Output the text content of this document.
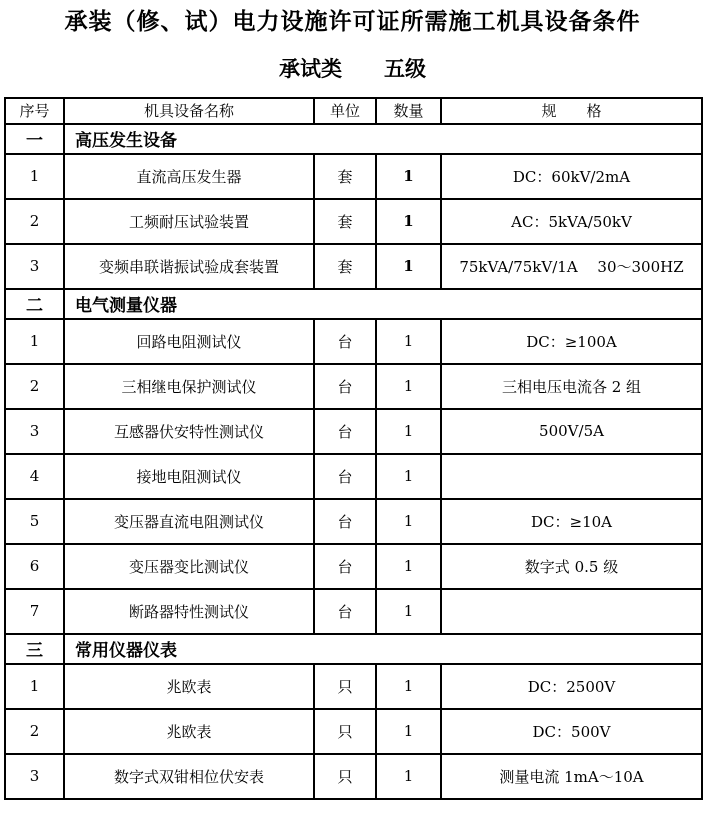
承装（修、试）电力设施许可证所需施工机具设备条件
承试类 五级
序号	机具设备名称	单位	数量	规　　格
一	高压发生设备			
1	直流高压发生器	套	1	DC：60kV/2mA
2	工频耐压试验装置	套	1	AC：5kVA/50kV
3	变频串联谐振试验成套装置	套	1	75kVA/75kV/1A　 30～300HZ
二	电气测量仪器			
1	回路电阻测试仪	台	1	DC：≥100A
2	三相继电保护测试仪	台	1	三相电压电流各 2 组
3	互感器伏安特性测试仪	台	1	500V/5A
4	接地电阻测试仪	台	1	
5	变压器直流电阻测试仪	台	1	DC：≥10A
6	变压器变比测试仪	台	1	数字式 0.5 级
7	断路器特性测试仪	台	1	
三	常用仪器仪表			
1	兆欧表	只	1	DC：2500V
2	兆欧表	只	1	DC：500V
3	数字式双钳相位伏安表	只	1	测量电流 1mA～10A
